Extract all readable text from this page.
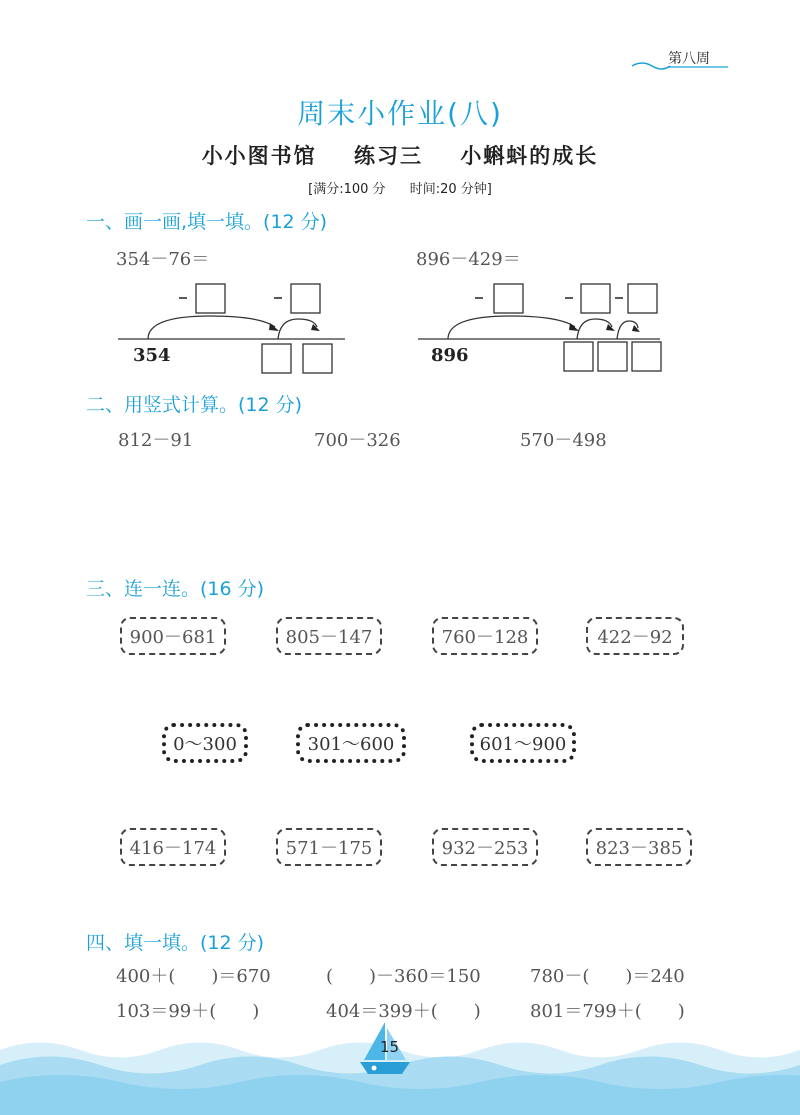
第八周
周末小作业(八)
小小图书馆 练习三 小蝌蚪的成长
[满分:100 分 时间:20 分钟]
一、画一画,填一填。(12 分)
354－76＝	896－429＝
354	896
二、用竖式计算。(12 分)
812－91	700－326	570－498
三、连一连。(16 分)
900－681	805－147	760－128	422－92
0～300	301～600	601～900
416－174	571－175	932－253	823－385
四、填一填。(12 分)
400＋(　　)＝670	(　　)－360＝150	780－(　　)＝240
103＝99＋(　　)	404＝399＋(　　)	801＝799＋(　　)
15
